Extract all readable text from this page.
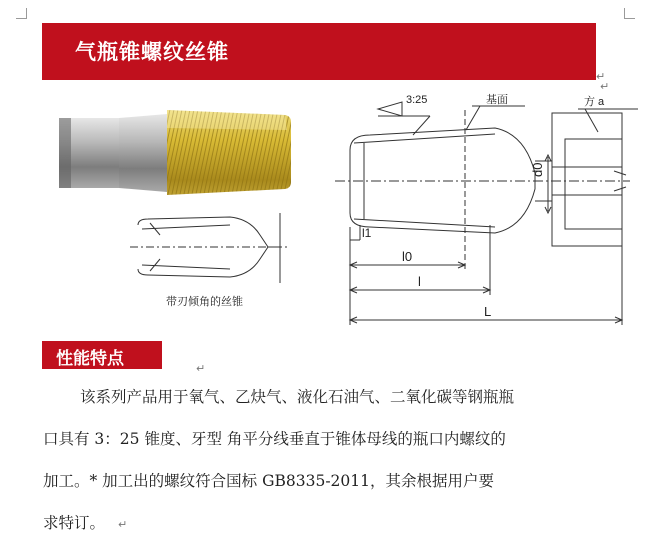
气瓶锥螺纹丝锥
↵
3:25	基面	方 a
d0
l1
l0
l
L
↵
带刃倾角的丝锥
性能特点	↵
该系列产品用于氧气、乙炔气、液化石油气、二氧化碳等钢瓶瓶
口具有 3：25 锥度、牙型 角平分线垂直于锥体母线的瓶口内螺纹的
加工。* 加工出的螺纹符合国标 GB8335-2011，其余根据用户要
求特订。 ↵
